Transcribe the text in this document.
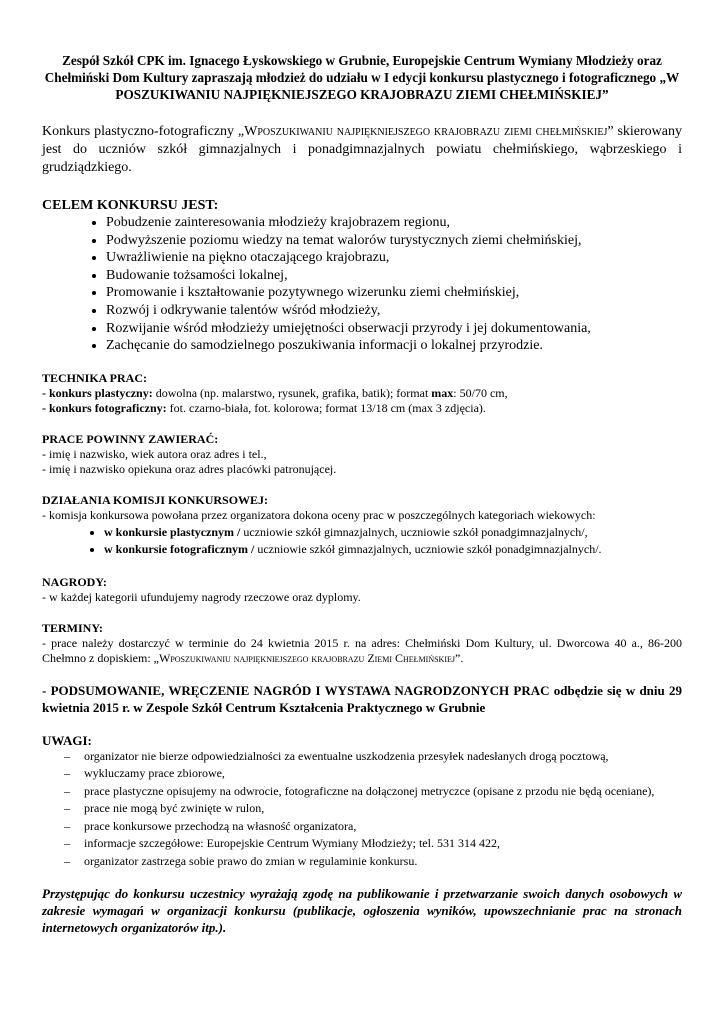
Zespół Szkół CPK im. Ignacego Łyskowskiego w Grubnie, Europejskie Centrum Wymiany Młodzieży oraz Chełmiński Dom Kultury zapraszają młodzież do udziału w I edycji konkursu plastycznego i fotograficznego „W POSZUKIWANIU NAJPIĘKNIEJSZEGO KRAJOBRAZU ZIEMI CHEŁMIŃSKIEJ”

Konkurs plastyczno-fotograficzny „Wposzukiwaniu najpiękniejszego krajobrazu ziemi chełmińskiej” skierowany jest do uczniów szkół gimnazjalnych i ponadgimnazjalnych powiatu chełmińskiego, wąbrzeskiego i grudziądzkiego.

CELEM KONKURSU JEST:

• Pobudzenie zainteresowania młodzieży krajobrazem regionu,
• Podwyższenie poziomu wiedzy na temat walorów turystycznych ziemi chełmińskiej,
• Uwrażliwienie na piękno otaczającego krajobrazu,
• Budowanie tożsamości lokalnej,
• Promowanie i kształtowanie pozytywnego wizerunku ziemi chełmińskiej,
• Rozwój i odkrywanie talentów wśród młodzieży,
• Rozwijanie wśród młodzieży umiejętności obserwacji przyrody i jej dokumentowania,
• Zachęcanie do samodzielnego poszukiwania informacji o lokalnej przyrodzie.

TECHNIKA PRAC:

- konkurs plastyczny: dowolna (np. malarstwo, rysunek, grafika, batik); format max: 50/70 cm,

- konkurs fotograficzny: fot. czarno-biała, fot. kolorowa; format 13/18 cm (max 3 zdjęcia).

PRACE POWINNY ZAWIERAĆ:

- imię i nazwisko, wiek autora oraz adres i tel.,

- imię i nazwisko opiekuna oraz adres placówki patronującej.

DZIAŁANIA KOMISJI KONKURSOWEJ:

- komisja konkursowa powołana przez organizatora dokona oceny prac w poszczególnych kategoriach wiekowych:

• w konkursie plastycznym / uczniowie szkół gimnazjalnych, uczniowie szkół ponadgimnazjalnych/,
• w konkursie fotograficznym / uczniowie szkół gimnazjalnych, uczniowie szkół ponadgimnazjalnych/.

NAGRODY:

- w każdej kategorii ufundujemy nagrody rzeczowe oraz dyplomy.

TERMINY:

- prace należy dostarczyć w terminie do 24 kwietnia 2015 r. na adres: Chełmiński Dom Kultury, ul. Dworcowa 40 a., 86-200 Chełmno z dopiskiem: „Wposzukiwaniu najpiękniejszego krajobrazu Ziemi Chełmińskiej”.

- PODSUMOWANIE, WRĘCZENIE NAGRÓD I WYSTAWA NAGRODZONYCH PRAC odbędzie się w dniu 29 kwietnia 2015 r. w Zespole Szkół Centrum Kształcenia Praktycznego w Grubnie

UWAGI:

– organizator nie bierze odpowiedzialności za ewentualne uszkodzenia przesyłek nadesłanych drogą pocztową,
– wykluczamy prace zbiorowe,
– prace plastyczne opisujemy na odwrocie, fotograficzne na dołączonej metryczce (opisane z przodu nie będą oceniane),
– prace nie mogą być zwinięte w rulon,
– prace konkursowe przechodzą na własność organizatora,
– informacje szczegółowe: Europejskie Centrum Wymiany Młodzieży; tel. 531 314 422,
– organizator zastrzega sobie prawo do zmian w regulaminie konkursu.

Przystępując do konkursu uczestnicy wyrażają zgodę na publikowanie i przetwarzanie swoich danych osobowych w zakresie wymagań w organizacji konkursu (publikacje, ogłoszenia wyników, upowszechnianie prac na stronach internetowych organizatorów itp.).
